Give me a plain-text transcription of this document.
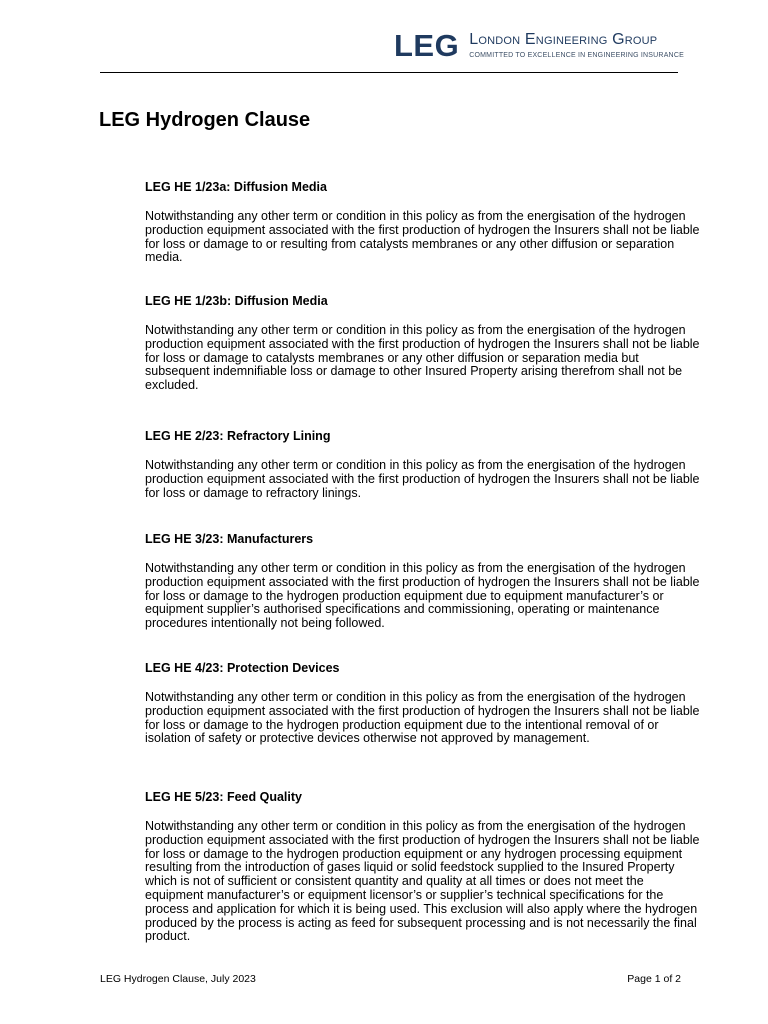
LEG London Engineering Group
COMMITTED TO EXCELLENCE IN ENGINEERING INSURANCE
LEG Hydrogen Clause

LEG HE 1/23a: Diffusion Media

Notwithstanding any other term or condition in this policy as from the energisation of the hydrogen production equipment associated with the first production of hydrogen the Insurers shall not be liable for loss or damage to or resulting from catalysts membranes or any other diffusion or separation media.

LEG HE 1/23b: Diffusion Media

Notwithstanding any other term or condition in this policy as from the energisation of the hydrogen production equipment associated with the first production of hydrogen the Insurers shall not be liable for loss or damage to catalysts membranes or any other diffusion or separation media but subsequent indemnifiable loss or damage to other Insured Property arising therefrom shall not be excluded.

LEG HE 2/23: Refractory Lining

Notwithstanding any other term or condition in this policy as from the energisation of the hydrogen production equipment associated with the first production of hydrogen the Insurers shall not be liable for loss or damage to refractory linings.

LEG HE 3/23: Manufacturers

Notwithstanding any other term or condition in this policy as from the energisation of the hydrogen production equipment associated with the first production of hydrogen the Insurers shall not be liable for loss or damage to the hydrogen production equipment due to equipment manufacturer’s or equipment supplier’s authorised specifications and commissioning, operating or maintenance procedures intentionally not being followed.

LEG HE 4/23: Protection Devices

Notwithstanding any other term or condition in this policy as from the energisation of the hydrogen production equipment associated with the first production of hydrogen the Insurers shall not be liable for loss or damage to the hydrogen production equipment due to the intentional removal of or isolation of safety or protective devices otherwise not approved by management.

LEG HE 5/23: Feed Quality

Notwithstanding any other term or condition in this policy as from the energisation of the hydrogen production equipment associated with the first production of hydrogen the Insurers shall not be liable for loss or damage to the hydrogen production equipment or any hydrogen processing equipment resulting from the introduction of gases liquid or solid feedstock supplied to the Insured Property which is not of sufficient or consistent quantity and quality at all times or does not meet the equipment manufacturer’s or equipment licensor’s or supplier’s technical specifications for the process and application for which it is being used. This exclusion will also apply where the hydrogen produced by the process is acting as feed for subsequent processing and is not necessarily the final product.

LEG Hydrogen Clause, July 2023	Page 1 of 2
